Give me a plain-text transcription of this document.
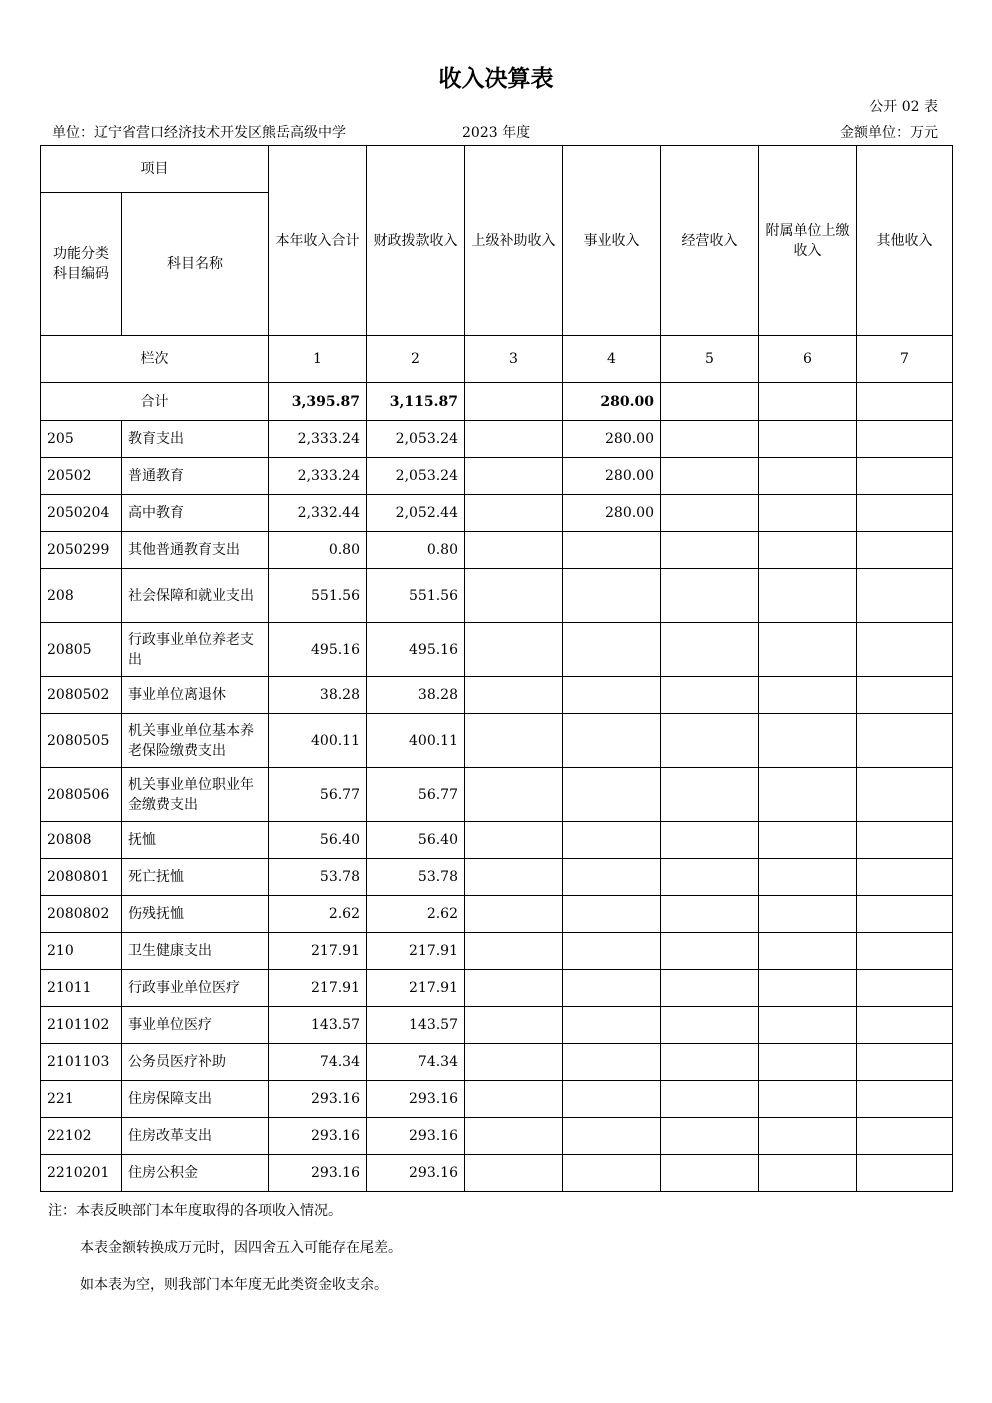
收入决算表
公开 02 表
单位：辽宁省营口经济技术开发区熊岳高级中学	2023 年度	金额单位：万元
项目		本年收入合计	财政拨款收入	上级补助收入	事业收入	经营收入	附属单位上缴收入	其他收入
功能分类科目编码	科目名称							
栏次		1	2	3	4	5	6	7
合计		3,395.87	3,115.87		280.00			
205	教育支出	2,333.24	2,053.24		280.00			
20502	普通教育	2,333.24	2,053.24		280.00			
2050204	高中教育	2,332.44	2,052.44		280.00			
2050299	其他普通教育支出	0.80	0.80					
208	社会保障和就业支出	551.56	551.56					
20805	行政事业单位养老支出	495.16	495.16					
2080502	事业单位离退休	38.28	38.28					
2080505	机关事业单位基本养老保险缴费支出	400.11	400.11					
2080506	机关事业单位职业年金缴费支出	56.77	56.77					
20808	抚恤	56.40	56.40					
2080801	死亡抚恤	53.78	53.78					
2080802	伤残抚恤	2.62	2.62					
210	卫生健康支出	217.91	217.91					
21011	行政事业单位医疗	217.91	217.91					
2101102	事业单位医疗	143.57	143.57					
2101103	公务员医疗补助	74.34	74.34					
221	住房保障支出	293.16	293.16					
22102	住房改革支出	293.16	293.16					
2210201	住房公积金	293.16	293.16					
注：本表反映部门本年度取得的各项收入情况。
本表金额转换成万元时，因四舍五入可能存在尾差。
如本表为空，则我部门本年度无此类资金收支余。
